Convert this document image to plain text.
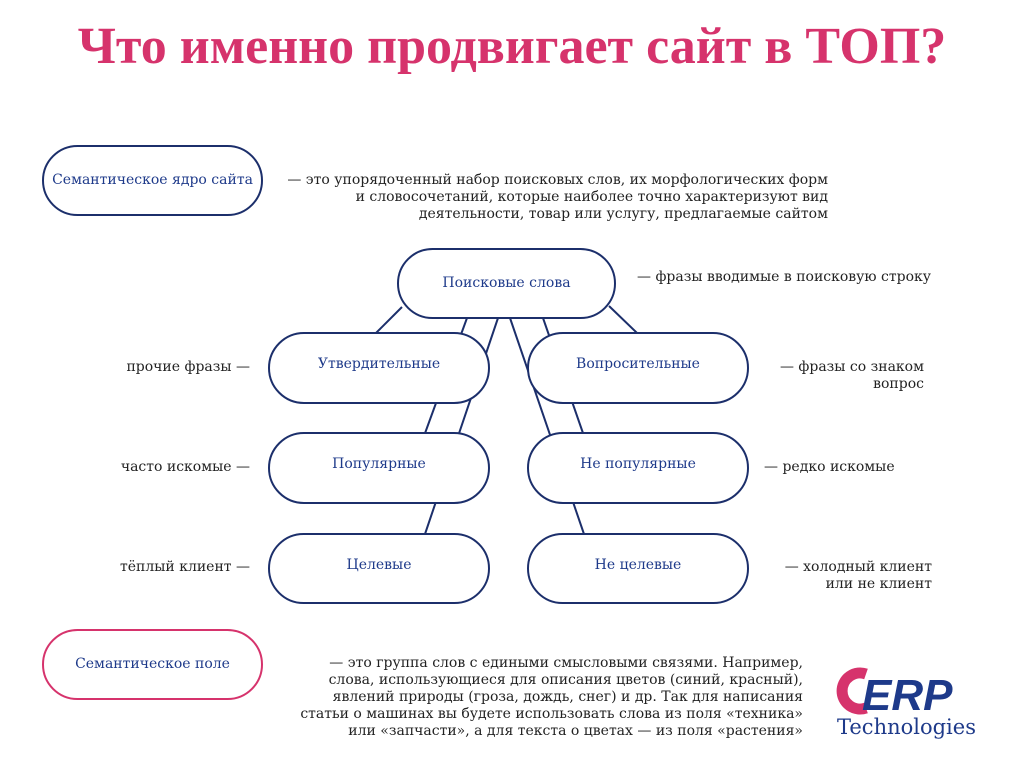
Что именно продвигает сайт в ТОП?
Семантическое ядро сайта	— это упорядоченный набор поисковых слов, их морфологических форм и словосочетаний, которые наиболее точно характеризуют вид деятельности, товар или услугу, предлагаемые сайтом
Поисковые слова	— фразы вводимые в поисковую строку
Утвердительные	Вопросительные
прочие фразы —	— фразы со знаком
вопрос
Популярные	Не популярные
часто искомые —	— редко искомые
Целевые	Не целевые
тёплый клиент —	— холодный клиент
или не клиент
Семантическое поле	— это группа слов с едиными смысловыми связями. Например, слова, использующиеся для описания цветов (синий, красный), явлений природы (гроза, дождь, снег) и др. Так для написания статьи о машинах вы будете использовать слова из поля «техника» или «запчасти», а для текста о цветах — из поля «растения»
ERP
Technologies
